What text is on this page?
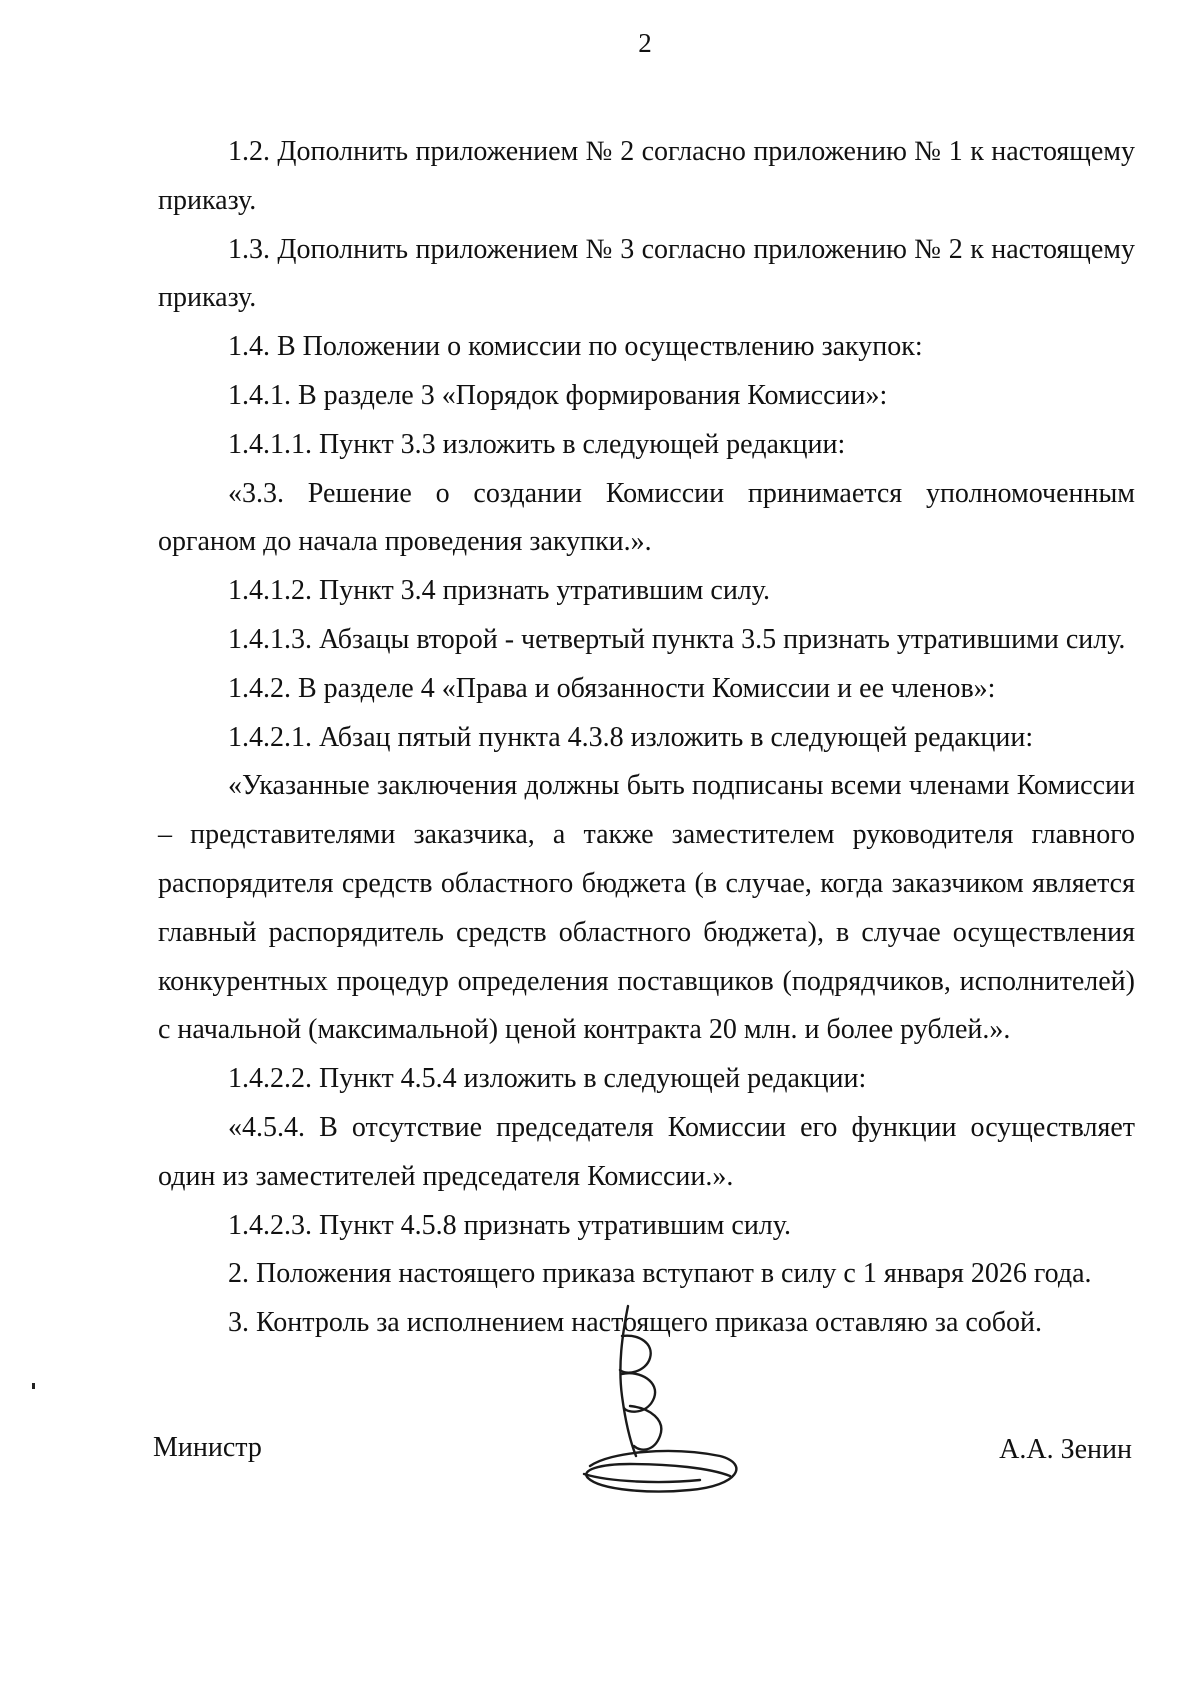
2

1.2. Дополнить приложением № 2 согласно приложению № 1 к настоящему приказу.

1.3. Дополнить приложением № 3 согласно приложению № 2 к настоящему приказу.

1.4. В Положении о комиссии по осуществлению закупок:

1.4.1. В разделе 3 «Порядок формирования Комиссии»:

1.4.1.1. Пункт 3.3 изложить в следующей редакции:

«3.3. Решение о создании Комиссии принимается уполномоченным органом до начала проведения закупки.».

1.4.1.2. Пункт 3.4 признать утратившим силу.

1.4.1.3. Абзацы второй - четвертый пункта 3.5 признать утратившими силу.

1.4.2. В разделе 4 «Права и обязанности Комиссии и ее членов»:

1.4.2.1. Абзац пятый пункта 4.3.8 изложить в следующей редакции:

«Указанные заключения должны быть подписаны всеми членами Комиссии – представителями заказчика, а также заместителем руководителя главного распорядителя средств областного бюджета (в случае, когда заказчиком является главный распорядитель средств областного бюджета), в случае осуществления конкурентных процедур определения поставщиков (подрядчиков, исполнителей) с начальной (максимальной) ценой контракта 20 млн. и более рублей.».

1.4.2.2. Пункт 4.5.4 изложить в следующей редакции:

«4.5.4. В отсутствие председателя Комиссии его функции осуществляет один из заместителей председателя Комиссии.».

1.4.2.3. Пункт 4.5.8 признать утратившим силу.

2. Положения настоящего приказа вступают в силу с 1 января 2026 года.

3. Контроль за исполнением настоящего приказа оставляю за собой.

Министр	А.А. Зенин
